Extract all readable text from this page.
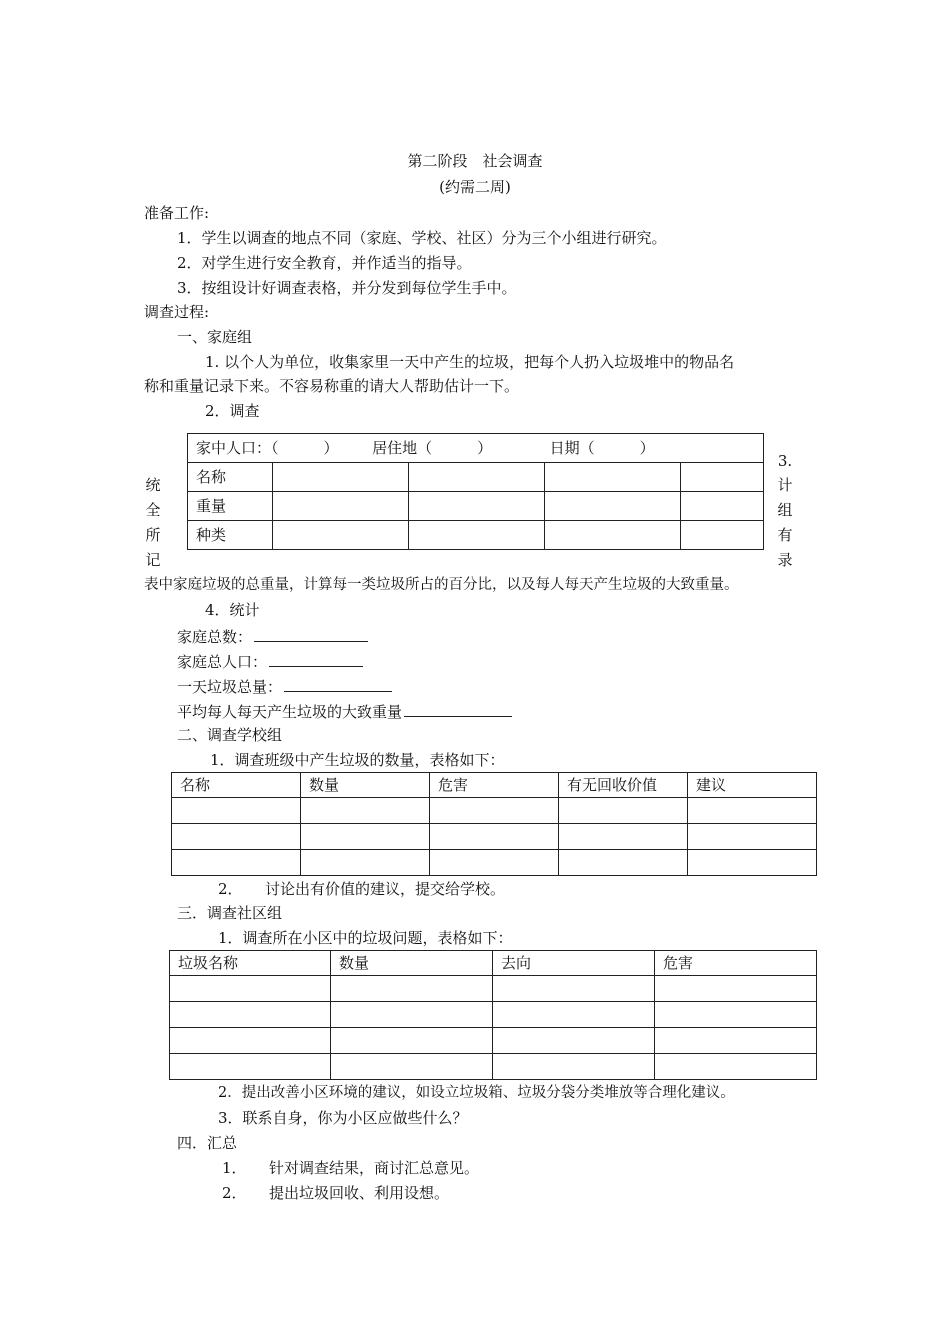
第二阶段　社会调查
(约需二周)
准备工作:
1．学生以调查的地点不同（家庭、学校、社区）分为三个小组进行研究。
2．对学生进行安全教育，并作适当的指导。
3．按组设计好调查表格，并分发到每位学生手中。
调查过程:
一、家庭组
1. 以个人为单位，收集家里一天中产生的垃圾，把每个人扔入垃圾堆中的物品名
称和重量记录下来。不容易称重的请大人帮助估计一下。
2．调查
家中人口：（　　　） 居住地（　　　） 日期（　　　）				
名称				
重量				
种类				
统
全
所
记
3.
计
组
有
录
表中家庭垃圾的总重量，计算每一类垃圾所占的百分比，以及每人每天产生垃圾的大致重量。
4．统计
家庭总数：
家庭总人口：
一天垃圾总量：
平均每人每天产生垃圾的大致重量
二、调查学校组
1．调查班级中产生垃圾的数量，表格如下：
名称	数量	危害	有无回收价值	建议

2．　　讨论出有价值的建议，提交给学校。
三．调查社区组
1．调查所在小区中的垃圾问题，表格如下：
垃圾名称	数量	去向	危害

2．提出改善小区环境的建议，如设立垃圾箱、垃圾分袋分类堆放等合理化建议。
3．联系自身，你为小区应做些什么？
四．汇总
1．　　针对调查结果，商讨汇总意见。
2．　　提出垃圾回收、利用设想。
